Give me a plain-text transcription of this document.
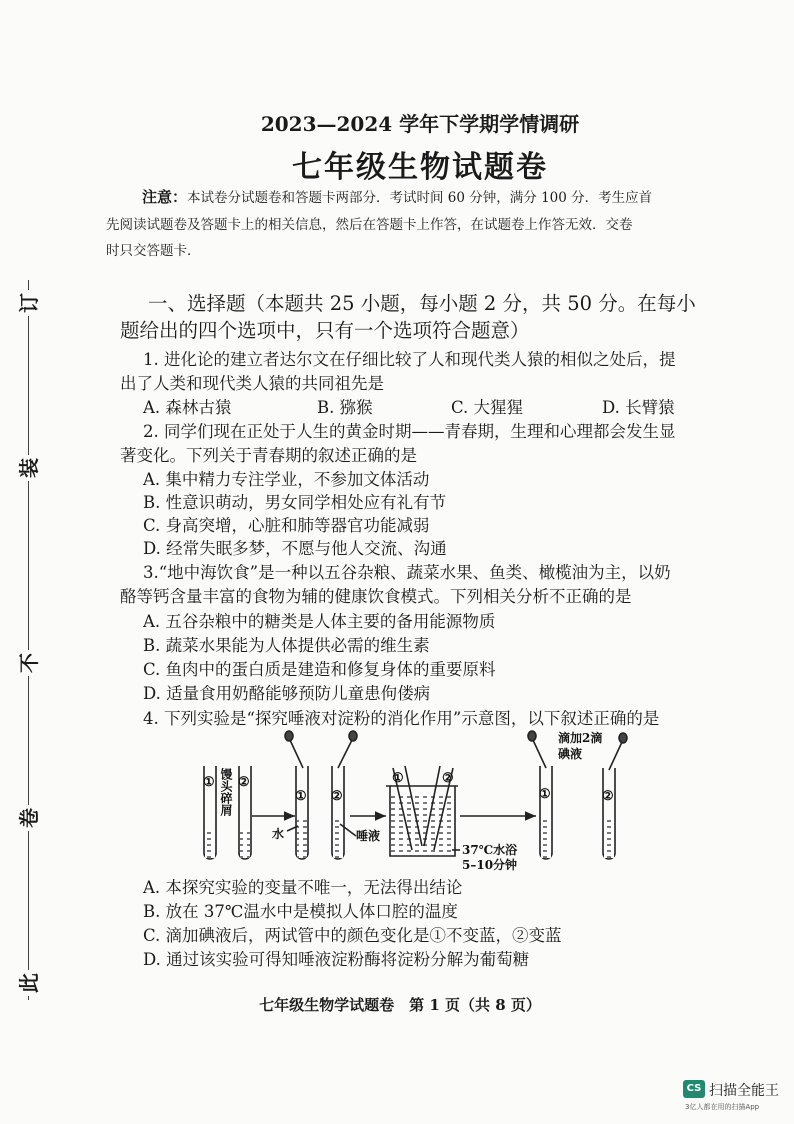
此
卷
不
装
订
2023—2024 学年下学期学情调研
七年级生物试题卷
注意：本试卷分试题卷和答题卡两部分．考试时间 60 分钟，满分 100 分．考生应首
先阅读试题卷及答题卡上的相关信息，然后在答题卡上作答，在试题卷上作答无效．交卷
时只交答题卡．
一、选择题（本题共 25 小题，每小题 2 分，共 50 分。在每小
题给出的四个选项中，只有一个选项符合题意）
1. 进化论的建立者达尔文在仔细比较了人和现代类人猿的相似之处后，提
出了人类和现代类人猿的共同祖先是
A. 森林古猿	B. 猕猴	C. 大猩猩	D. 长臂猿
2. 同学们现在正处于人生的黄金时期——青春期，生理和心理都会发生显
著变化。下列关于青春期的叙述正确的是
A. 集中精力专注学业，不参加文体活动
B. 性意识萌动，男女同学相处应有礼有节
C. 身高突增，心脏和肺等器官功能减弱
D. 经常失眠多梦，不愿与他人交流、沟通
3.“地中海饮食”是一种以五谷杂粮、蔬菜水果、鱼类、橄榄油为主，以奶
酪等钙含量丰富的食物为辅的健康饮食模式。下列相关分析不正确的是
A. 五谷杂粮中的糖类是人体主要的备用能源物质
B. 蔬菜水果能为人体提供必需的维生素
C. 鱼肉中的蛋白质是建造和修复身体的重要原料
D. 适量食用奶酪能够预防儿童患佝偻病
4. 下列实验是“探究唾液对淀粉的消化作用”示意图，以下叙述正确的是
① ②
① ②
①	②
①	②
馒头碎屑
水	唾液
37℃水浴
5–10分钟
滴加2滴
碘液
A. 本探究实验的变量不唯一，无法得出结论
B. 放在 37℃温水中是模拟人体口腔的温度
C. 滴加碘液后，两试管中的颜色变化是①不变蓝，②变蓝
D. 通过该实验可得知唾液淀粉酶将淀粉分解为葡萄糖
七年级生物学试题卷　第 1 页（共 8 页）
CS 扫描全能王
3亿人都在用的扫描App
